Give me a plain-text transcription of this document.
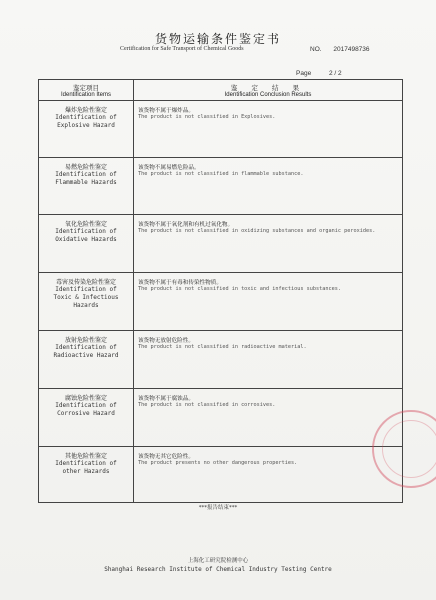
货物运输条件鉴定书
Certification for Safe Transport of Chemical Goods	NO. 2017498736
Page	2 / 2
鉴定项目
Identification Items	鉴 定 结 果
Identification Conclusion Results

爆炸危险性鉴定
Identification of
Explosive Hazard	该货物不属于爆炸品。
The product is not classified in Explosives.

易燃危险性鉴定
Identification of
Flammable Hazards	该货物不属易燃危险品。
The product is not classified in flammable substance.

氧化危险性鉴定
Identification of
Oxidative Hazards	该货物不属于氧化剂和有机过氧化物。
The product is not classified in oxidizing substances and organic peroxides.

毒害及传染危险性鉴定
Identification of
Toxic & Infectious
Hazards	该货物不属于有毒和传染性物质。
The product is not classified in toxic and infectious substances.

放射危险性鉴定
Identification of
Radioactive Hazard	该货物无放射危险性。
The product is not classified in radioactive material.

腐蚀危险性鉴定
Identification of
Corrosive Hazard	该货物不属于腐蚀品。
The product is not classified in corrosives.

其他危险性鉴定
Identification of
other Hazards	该货物无其它危险性。
The product presents no other dangerous properties.
***报告结束***
上海化工研究院检测中心
Shanghai Research Institute of Chemical Industry Testing Centre
